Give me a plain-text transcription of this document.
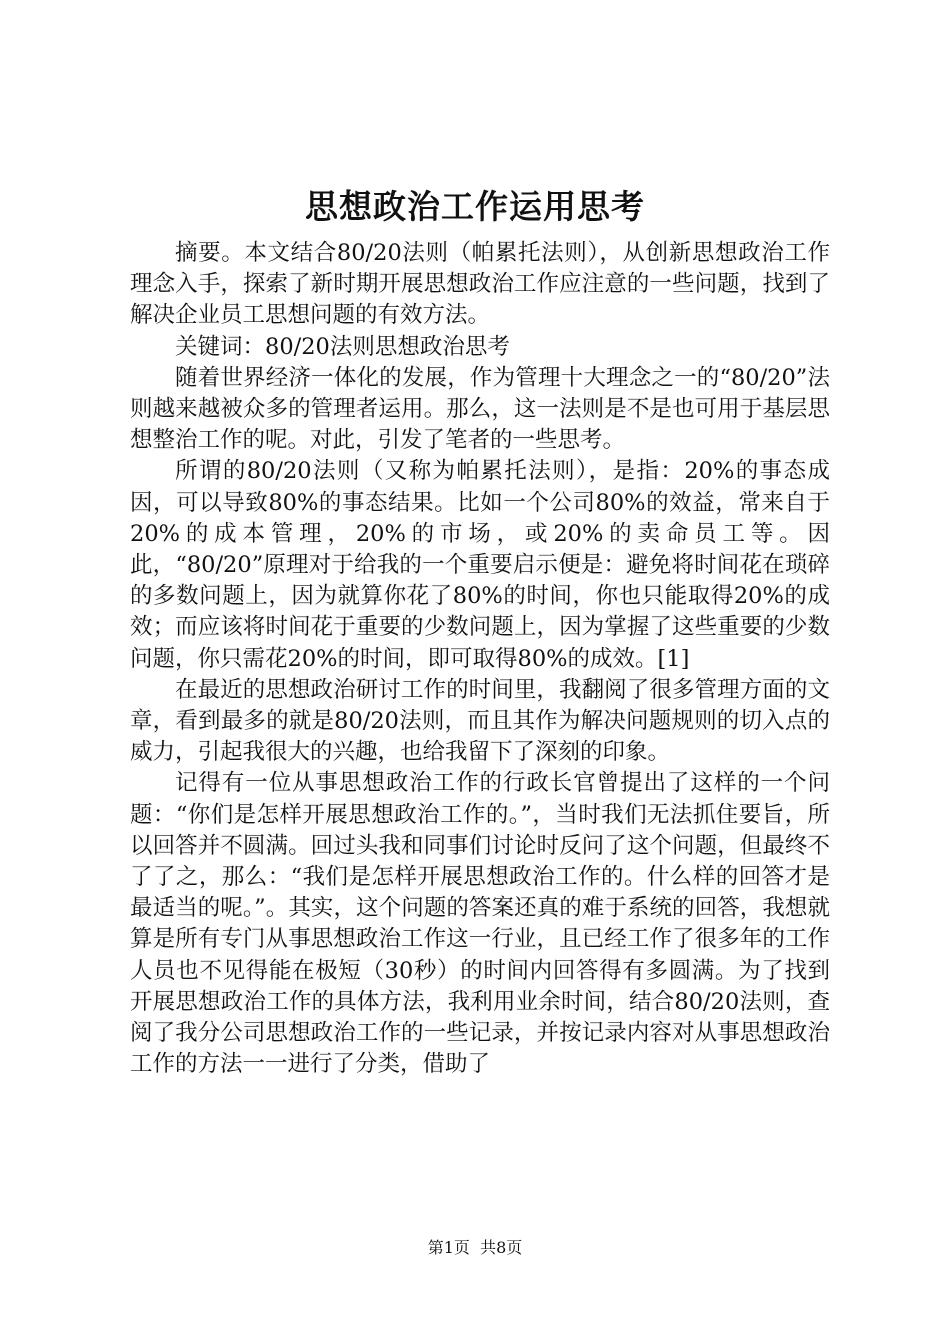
思想政治工作运用思考

摘要。本文结合80/20法则（帕累托法则），从创新思想政治工作理念入手，探索了新时期开展思想政治工作应注意的一些问题，找到了解决企业员工思想问题的有效方法。

关键词：80/20法则思想政治思考

随着世界经济一体化的发展，作为管理十大理念之一的“80/20”法则越来越被众多的管理者运用。那么，这一法则是不是也可用于基层思想整治工作的呢。对此，引发了笔者的一些思考。

所谓的80/20法则（又称为帕累托法则），是指：20%的事态成因，可以导致80%的事态结果。比如一个公司80%的效益，常来自于20%的成本管理，20%的市场，或20%的卖命员工等。因此，“80/20”原理对于给我的一个重要启示便是：避免将时间花在琐碎的多数问题上，因为就算你花了80%的时间，你也只能取得20%的成效；而应该将时间花于重要的少数问题上，因为掌握了这些重要的少数问题，你只需花20%的时间，即可取得80%的成效。[1]

在最近的思想政治研讨工作的时间里，我翻阅了很多管理方面的文章，看到最多的就是80/20法则，而且其作为解决问题规则的切入点的威力，引起我很大的兴趣，也给我留下了深刻的印象。

记得有一位从事思想政治工作的行政长官曾提出了这样的一个问题：“你们是怎样开展思想政治工作的。”，当时我们无法抓住要旨，所以回答并不圆满。回过头我和同事们讨论时反问了这个问题，但最终不了了之，那么：“我们是怎样开展思想政治工作的。什么样的回答才是最适当的呢。”。其实，这个问题的答案还真的难于系统的回答，我想就算是所有专门从事思想政治工作这一行业，且已经工作了很多年的工作人员也不见得能在极短（30秒）的时间内回答得有多圆满。为了找到开展思想政治工作的具体方法，我利用业余时间，结合80/20法则，查阅了我分公司思想政治工作的一些记录，并按记录内容对从事思想政治工作的方法一一进行了分类，借助了

第1页  共8页
